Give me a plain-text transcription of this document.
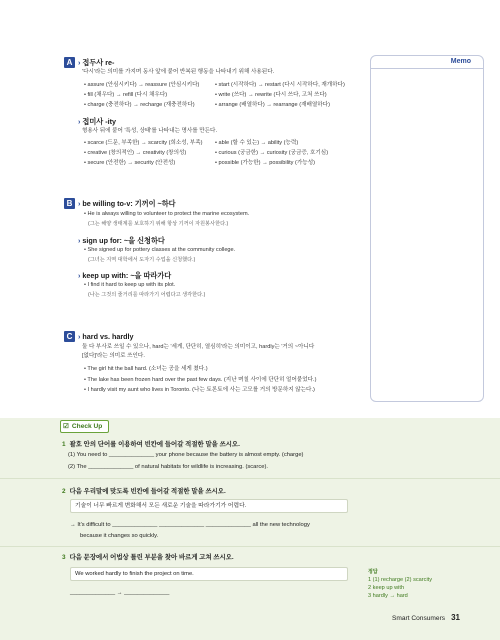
Memo
A › 접두사 re-
'다시'라는 의미를 가지며 동사 앞에 붙어 반복된 행동을 나타내기 위해 사용된다.
• assure (안심시키다) → reassure (안심시키다)	• start (시작하다) → restart (다시 시작하다, 재개하다)
• fill (채우다) → refill (다시 채우다)	• write (쓰다) → rewrite (다시 쓰다, 고쳐 쓰다)
• charge (충전하다) → recharge (재충전하다)	• arrange (배열하다) → rearrange (재배열하다)
› 접미사 -ity
형용사 뒤에 붙어 '특성, 상태'를 나타내는 명사를 만든다.
• scarce (드문, 부족한) → scarcity (희소성, 부족)	• able (할 수 있는) → ability (능력)
• creative (창의적인) → creativity (창의성)	• curious (궁금한) → curiosity (궁금증, 호기심)
• secure (안전한) → security (안전성)	• possible (가능한) → possibility (가능성)
B › be willing to-v: 기꺼이 ~하다
• He is always willing to volunteer to protect the marine ecosystem.
(그는 해양 생태계를 보호하기 위해 항상 기꺼이 자원봉사한다.)
› sign up for: ~을 신청하다
• She signed up for pottery classes at the community college.
(그녀는 지역 대학에서 도자기 수업을 신청했다.)
› keep up with: ~을 따라가다
• I find it hard to keep up with its plot.
(나는 그것의 줄거리를 따라가기 어렵다고 생각한다.)
C › hard vs. hardly
둘 다 부사로 쓰일 수 있으나, hard는 '세게, 단단히, 열심히'라는 의미이고, hardly는 '거의 ~아니다
[없다]'라는 의미로 쓰인다.
• The girl hit the ball hard. (소녀는 공을 세게 쳤다.)
• The lake has been frozen hard over the past few days. (지난 며칠 사이에 단단히 얼어붙었다.)
• I hardly visit my aunt who lives in Toronto. (나는 토론토에 사는 고모를 거의 방문하지 않는다.)
☑ Check Up
1 괄호 안의 단어를 이용하여 빈칸에 들어갈 적절한 말을 쓰시오.
(1) You need to ______________ your phone because the battery is almost empty. (charge)
(2) The ______________ of natural habitats for wildlife is increasing. (scarce).
2 다음 우리말에 맞도록 빈칸에 들어갈 적절한 말을 쓰시오.
기술이 너무 빠르게 변화해서 모든 새로운 기술을 따라가기가 어렵다.
→ It's difficult to ______________ ______________ ______________ all the new technology
because it changes so quickly.
3 다음 문장에서 어법상 틀린 부분을 찾아 바르게 고쳐 쓰시오.
We worked hardly to finish the project on time.
______________ → ______________
정답
1 (1) recharge (2) scarcity
2 keep up with
3 hardly → hard
Smart Consumers 31
